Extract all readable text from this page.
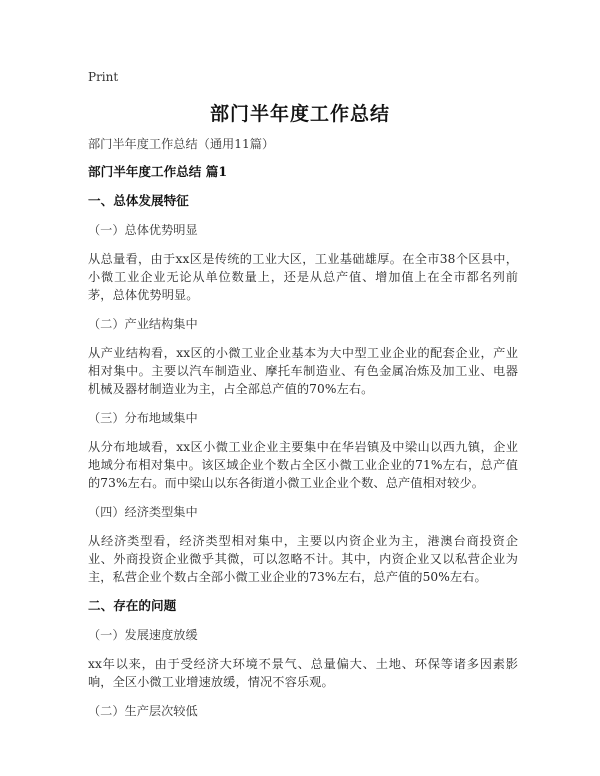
Print
部门半年度工作总结
部门半年度工作总结（通用11篇）
部门半年度工作总结 篇1
一、总体发展特征
（一）总体优势明显
从总量看，由于xx区是传统的工业大区，工业基础雄厚。在全市38个区县中，小微工业企业无论从单位数量上，还是从总产值、增加值上在全市都名列前茅，总体优势明显。
（二）产业结构集中
从产业结构看，xx区的小微工业企业基本为大中型工业企业的配套企业，产业相对集中。主要以汽车制造业、摩托车制造业、有色金属冶炼及加工业、电器机械及器材制造业为主，占全部总产值的70%左右。
（三）分布地域集中
从分布地域看，xx区小微工业企业主要集中在华岩镇及中梁山以西九镇，企业地域分布相对集中。该区域企业个数占全区小微工业企业的71%左右，总产值的73%左右。而中梁山以东各街道小微工业企业个数、总产值相对较少。
（四）经济类型集中
从经济类型看，经济类型相对集中，主要以内资企业为主，港澳台商投资企业、外商投资企业微乎其微，可以忽略不计。其中，内资企业又以私营企业为主，私营企业个数占全部小微工业企业的73%左右，总产值的50%左右。
二、存在的问题
（一）发展速度放缓
xx年以来，由于受经济大环境不景气、总量偏大、土地、环保等诸多因素影响，全区小微工业增速放缓，情况不容乐观。
（二）生产层次较低
